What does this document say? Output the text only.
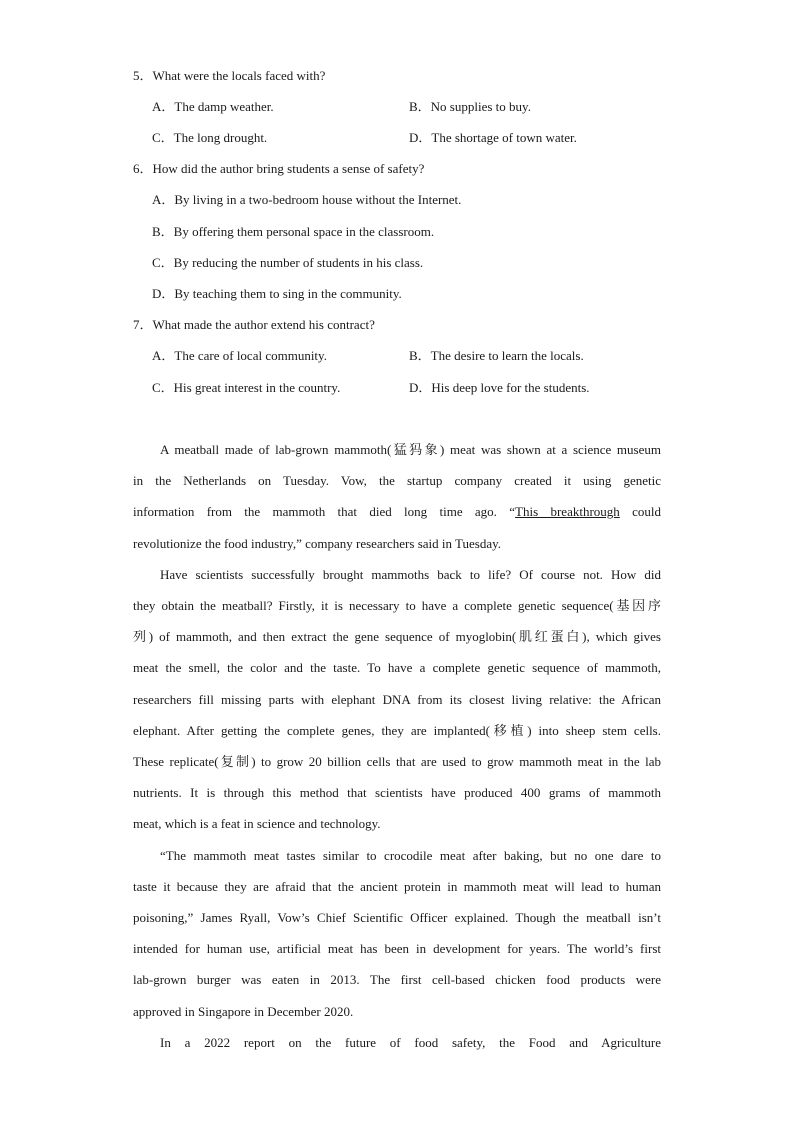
5．What were the locals faced with?
A．The damp weather.	B．No supplies to buy.
C．The long drought.	D．The shortage of town water.
6．How did the author bring students a sense of safety?
A．By living in a two-bedroom house without the Internet.
B．By offering them personal space in the classroom.
C．By reducing the number of students in his class.
D．By teaching them to sing in the community.
7．What made the author extend his contract?
A．The care of local community.	B．The desire to learn the locals.
C．His great interest in the country.	D．His deep love for the students.
A meatball made of lab-grown mammoth(猛犸象) meat was shown at a science museum
in the Netherlands on Tuesday. Vow, the startup company created it using genetic
information from the mammoth that died long time ago. “This breakthrough could
revolutionize the food industry,” company researchers said in Tuesday.
Have scientists successfully brought mammoths back to life? Of course not. How did
they obtain the meatball? Firstly, it is necessary to have a complete genetic sequence(基因序
列) of mammoth, and then extract the gene sequence of myoglobin(肌红蛋白), which gives
meat the smell, the color and the taste. To have a complete genetic sequence of mammoth,
researchers fill missing parts with elephant DNA from its closest living relative: the African
elephant. After getting the complete genes, they are implanted(移植) into sheep stem cells.
These replicate(复制) to grow 20 billion cells that are used to grow mammoth meat in the lab
nutrients. It is through this method that scientists have produced 400 grams of mammoth
meat, which is a feat in science and technology.
“The mammoth meat tastes similar to crocodile meat after baking, but no one dare to
taste it because they are afraid that the ancient protein in mammoth meat will lead to human
poisoning,” James Ryall, Vow’s Chief Scientific Officer explained. Though the meatball isn’t
intended for human use, artificial meat has been in development for years. The world’s first
lab-grown burger was eaten in 2013. The first cell-based chicken food products were
approved in Singapore in December 2020.
In a 2022 report on the future of food safety, the Food and Agriculture
